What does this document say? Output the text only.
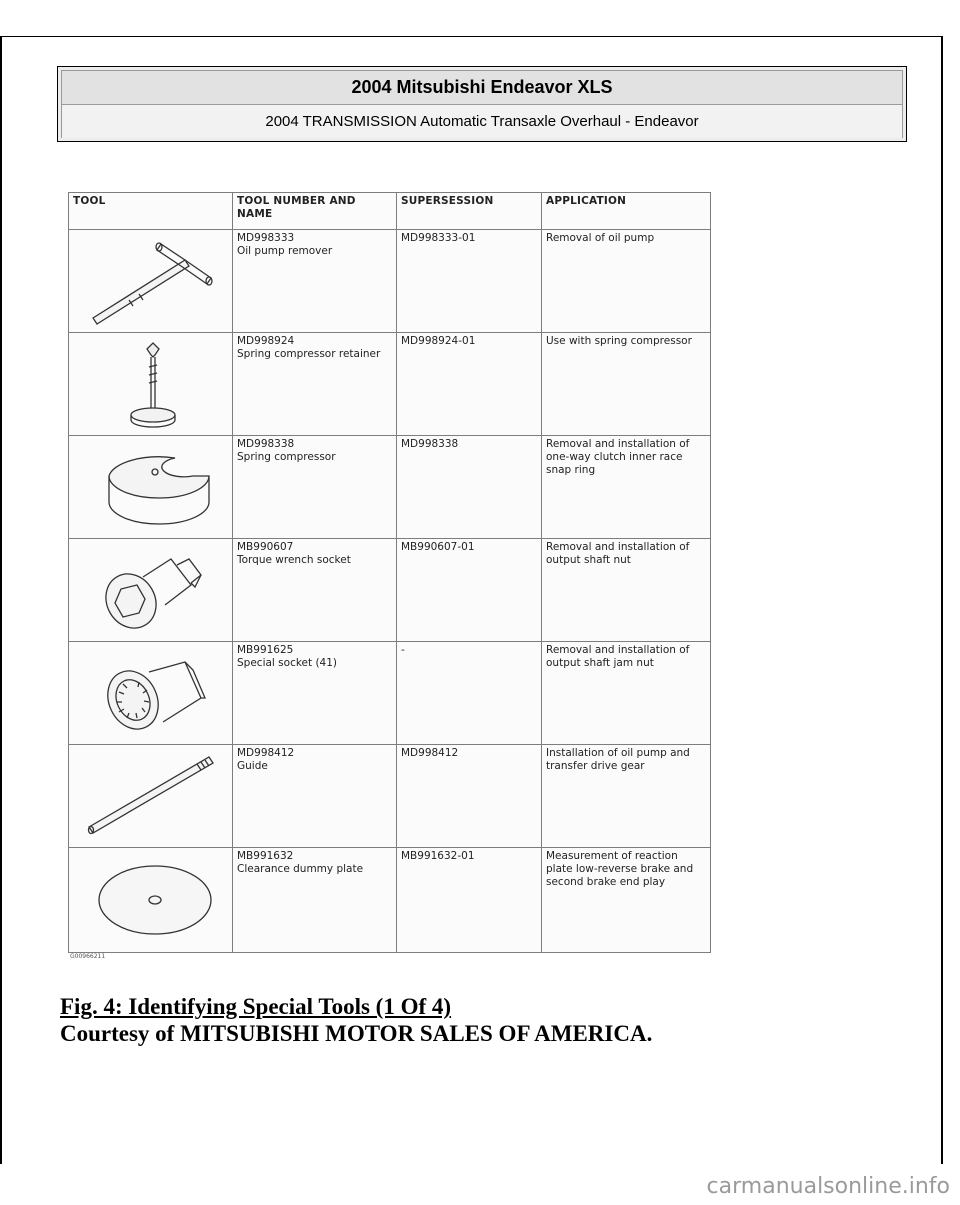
2004 Mitsubishi Endeavor XLS
2004 TRANSMISSION Automatic Transaxle Overhaul - Endeavor
TOOL	TOOL NUMBER AND NAME	SUPERSESSION	APPLICATION

MD998333
Oil pump remover	MD998333-01	Removal of oil pump

MD998924
Spring compressor retainer	MD998924-01	Use with spring compressor

MD998338
Spring compressor	MD998338	Removal and installation of one-way clutch inner race snap ring

MB990607
Torque wrench socket	MB990607-01	Removal and installation of output shaft nut

MB991625
Special socket (41)	-	Removal and installation of output shaft jam nut

MD998412
Guide	MD998412	Installation of oil pump and transfer drive gear

MB991632
Clearance dummy plate	MB991632-01	Measurement of reaction plate low-reverse brake and second brake end play
G00966211
Fig. 4: Identifying Special Tools (1 Of 4)
Courtesy of MITSUBISHI MOTOR SALES OF AMERICA.
carmanualsonline.info
